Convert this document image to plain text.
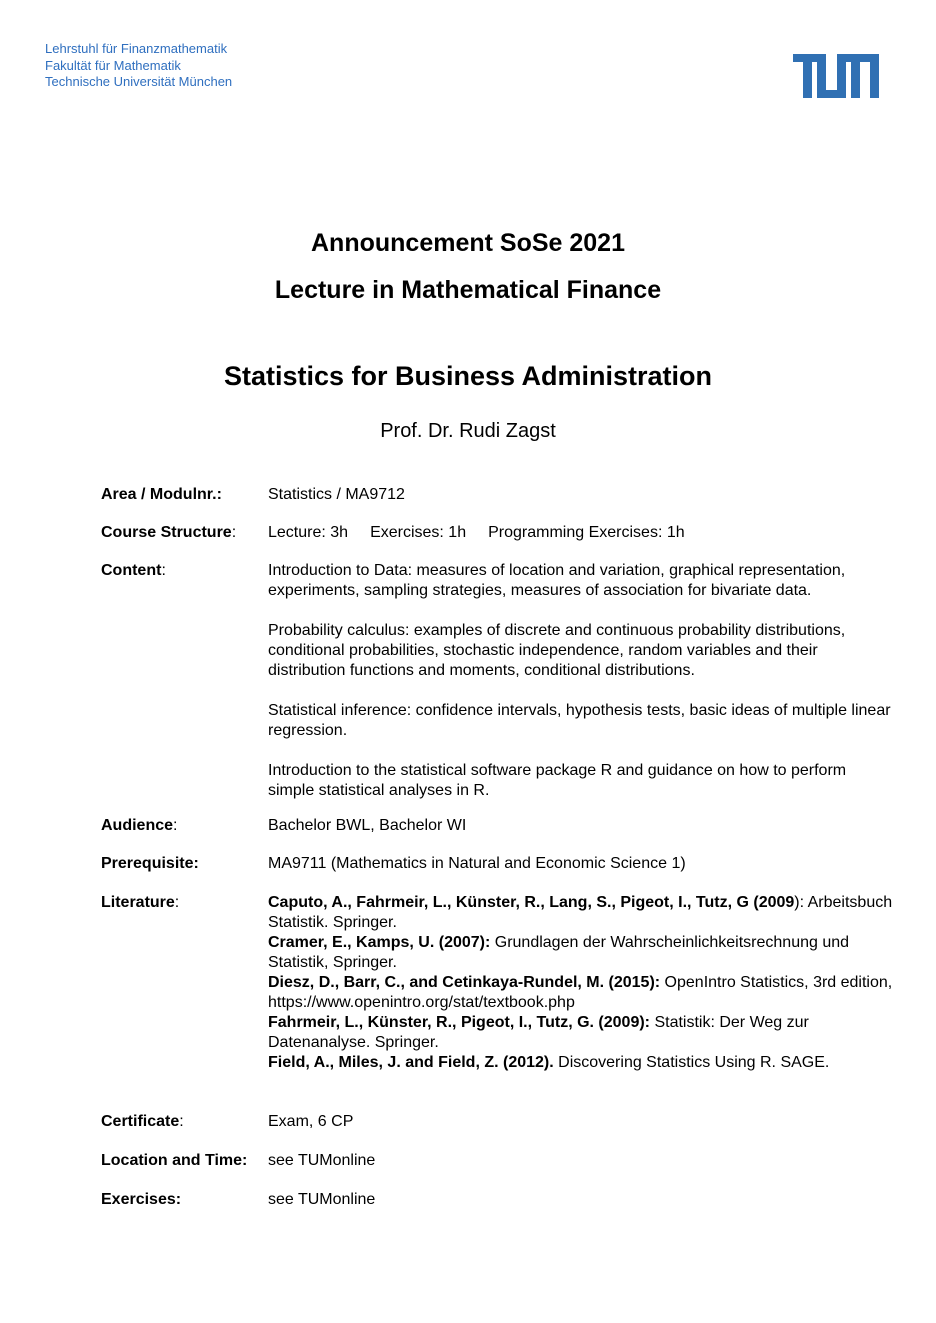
Lehrstuhl für Finanzmathematik
Fakultät für Mathematik
Technische Universität München
Announcement SoSe 2021
Lecture in Mathematical Finance
Statistics for Business Administration
Prof. Dr. Rudi Zagst
Area / Modulnr.:	Statistics / MA9712
Course Structure: Lecture: 3h Exercises: 1h Programming Exercises: 1h
Content:	Introduction to Data: measures of location and variation, graphical representation, experiments, sampling strategies, measures of association for bivariate data.

Probability calculus: examples of discrete and continuous probability distributions, conditional probabilities, stochastic independence, random variables and their distribution functions and moments, conditional distributions.

Statistical inference: confidence intervals, hypothesis tests, basic ideas of multiple linear regression.

Introduction to the statistical software package R and guidance on how to perform simple statistical analyses in R.

Audience:	Bachelor BWL, Bachelor WI
Prerequisite:	MA9711 (Mathematics in Natural and Economic Science 1)
Literature:	Caputo, A., Fahrmeir, L., Künster, R., Lang, S., Pigeot, I., Tutz, G (2009): Arbeitsbuch Statistik. Springer.

Cramer, E., Kamps, U. (2007): Grundlagen der Wahrscheinlichkeitsrechnung und Statistik, Springer.

Diesz, D., Barr, C., and Cetinkaya-Rundel, M. (2015): OpenIntro Statistics, 3rd edition, https://www.openintro.org/stat/textbook.php

Fahrmeir, L., Künster, R., Pigeot, I., Tutz, G. (2009): Statistik: Der Weg zur Datenanalyse. Springer.

Field, A., Miles, J. and Field, Z. (2012). Discovering Statistics Using R. SAGE.

Certificate:	Exam, 6 CP
Location and Time: see TUMonline
Exercises:	see TUMonline
